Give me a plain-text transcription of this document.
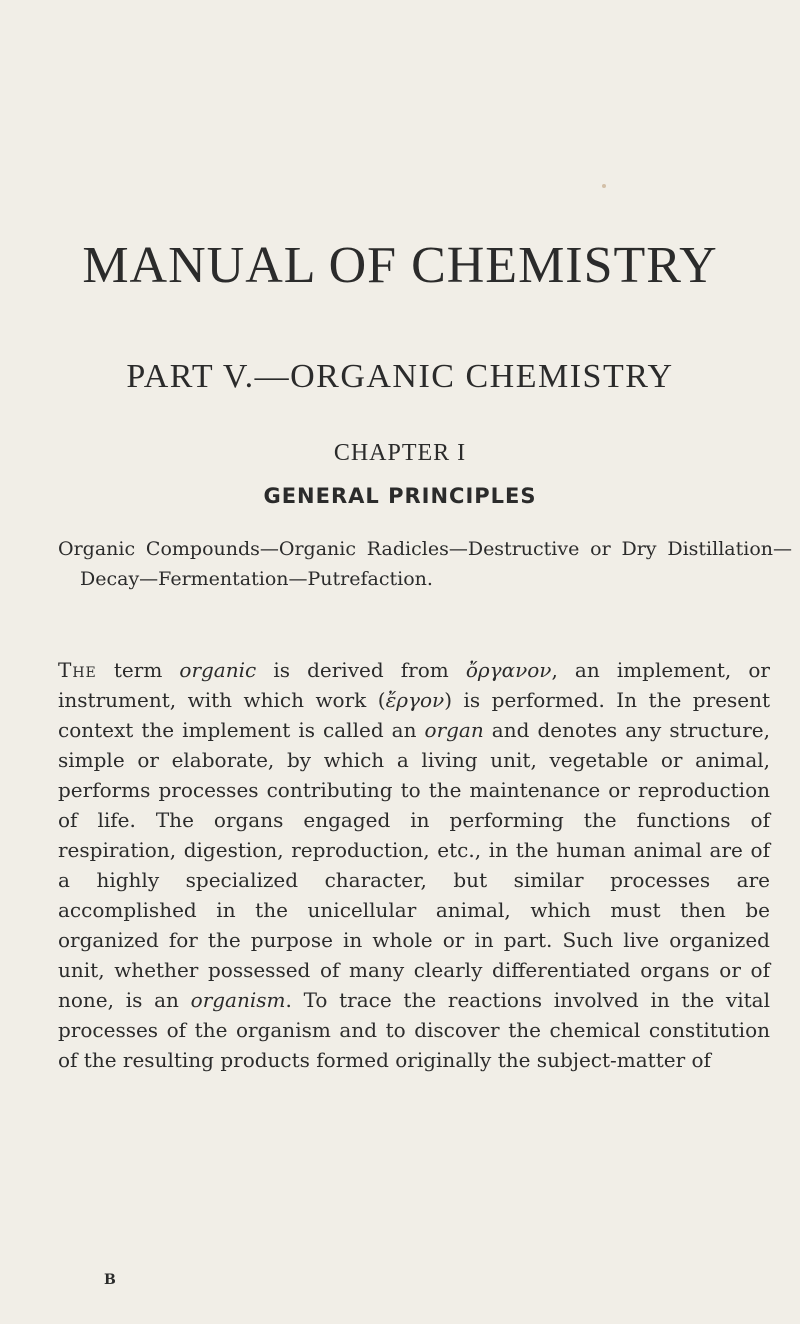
MANUAL OF CHEMISTRY
PART V.—ORGANIC CHEMISTRY
CHAPTER I
GENERAL PRINCIPLES

Organic Compounds—Organic Radicles—Destructive or Dry Distillation—Decay—Fermentation—Putrefaction.

The term organic is derived from ὄργανον, an implement, or instrument, with which work (ἔργον) is performed. In the present context the implement is called an organ and denotes any structure, simple or elaborate, by which a living unit, vegetable or animal, performs processes contributing to the maintenance or reproduction of life. The organs engaged in performing the functions of respiration, digestion, reproduction, etc., in the human animal are of a highly specialized character, but similar processes are accomplished in the unicellular animal, which must then be organized for the purpose in whole or in part. Such live organized unit, whether possessed of many clearly differentiated organs or of none, is an organism. To trace the reactions involved in the vital processes of the organism and to discover the chemical constitution of the resulting products formed originally the subject-matter of

B
